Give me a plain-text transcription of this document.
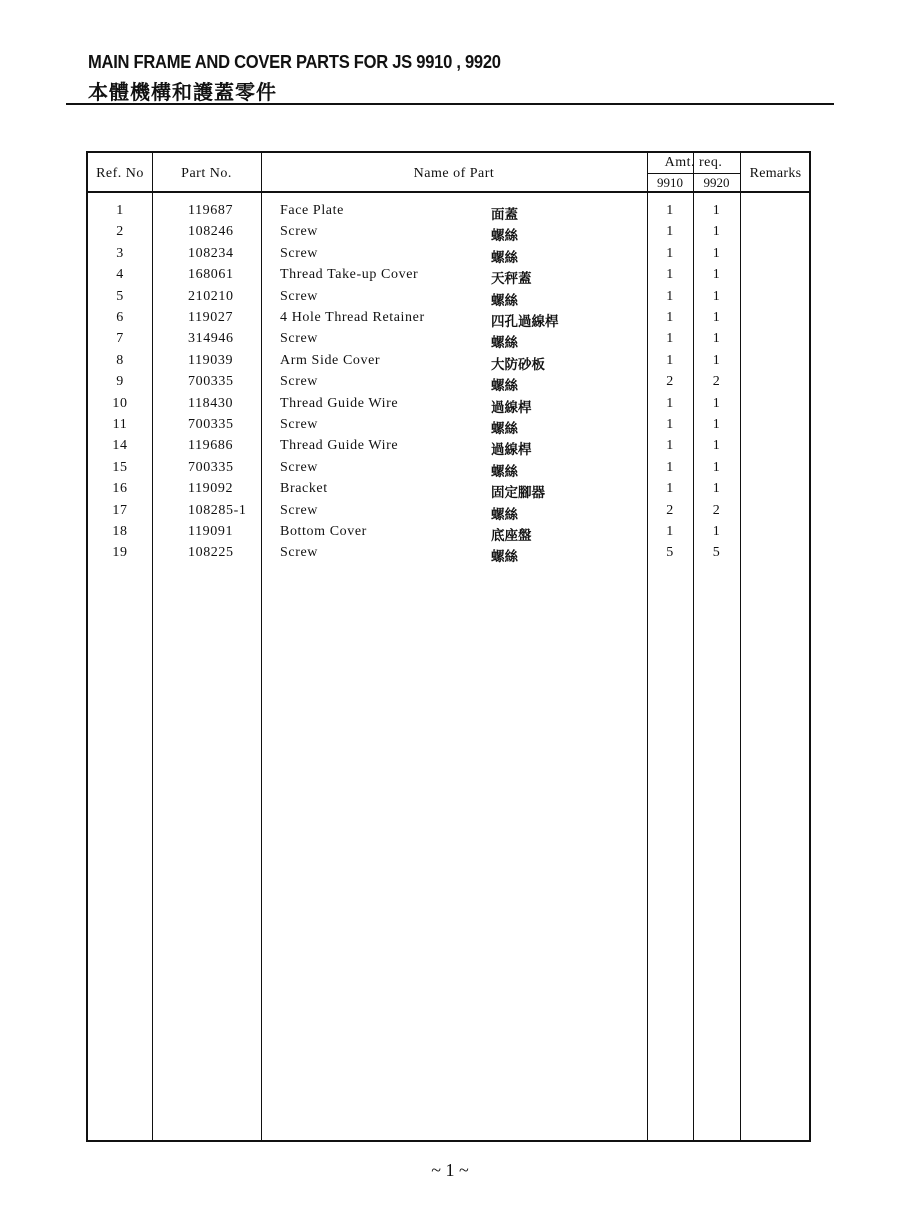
MAIN FRAME AND COVER PARTS FOR JS 9910 , 9920
本體機構和護蓋零件
Ref. No	Part No.	Name of Part
Amt. req.
9910	9920
Remarks
1	119687	Face Plate	面蓋	1	1
2	108246	Screw	螺絲	1	1
3	108234	Screw	螺絲	1	1
4	168061	Thread Take-up Cover	天秤蓋	1	1
5	210210	Screw	螺絲	1	1
6	119027	4 Hole Thread Retainer	四孔過線桿	1	1
7	314946	Screw	螺絲	1	1
8	119039	Arm Side Cover	大防砂板	1	1
9	700335	Screw	螺絲	2	2
10	118430	Thread Guide Wire	過線桿	1	1
11	700335	Screw	螺絲	1	1
14	119686	Thread Guide Wire	過線桿	1	1
15	700335	Screw	螺絲	1	1
16	119092	Bracket	固定腳器	1	1
17	108285-1 Screw	螺絲	2	2
18	119091	Bottom Cover	底座盤	1	1
19	108225	Screw	螺絲	5	5
~ 1 ~
